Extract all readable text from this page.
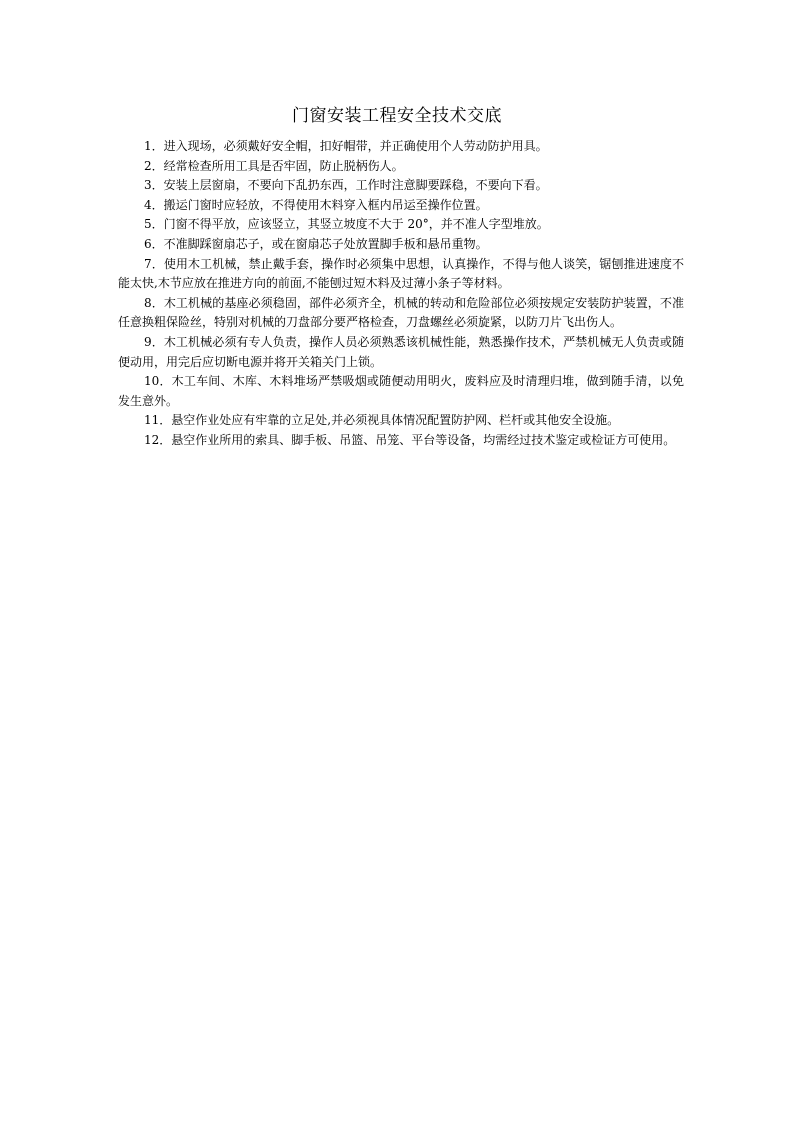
门窗安装工程安全技术交底

1．进入现场，必须戴好安全帽，扣好帽带，并正确使用个人劳动防护用具。

2．经常检查所用工具是否牢固，防止脱柄伤人。

3．安装上层窗扇，不要向下乱扔东西，工作时注意脚要踩稳，不要向下看。

4．搬运门窗时应轻放，不得使用木料穿入框内吊运至操作位置。

5．门窗不得平放，应该竖立，其竖立坡度不大于 20°，并不准人字型堆放。

6．不准脚踩窗扇芯子，或在窗扇芯子处放置脚手板和悬吊重物。

7．使用木工机械，禁止戴手套，操作时必须集中思想，认真操作，不得与他人谈笑，锯刨推进速度不能太快,木节应放在推进方向的前面,不能刨过短木料及过薄小条子等材料。

8．木工机械的基座必须稳固，部件必须齐全，机械的转动和危险部位必须按规定安装防护装置，不准任意换粗保险丝，特别对机械的刀盘部分要严格检查，刀盘螺丝必须旋紧，以防刀片飞出伤人。

9．木工机械必须有专人负责，操作人员必须熟悉该机械性能，熟悉操作技术，严禁机械无人负责或随便动用，用完后应切断电源并将开关箱关门上锁。

10．木工车间、木库、木料堆场严禁吸烟或随便动用明火，废料应及时清理归堆，做到随手清，以免发生意外。

11．悬空作业处应有牢靠的立足处,并必须视具体情况配置防护网、栏杆或其他安全设施。

12．悬空作业所用的索具、脚手板、吊篮、吊笼、平台等设备，均需经过技术鉴定或检证方可使用。
